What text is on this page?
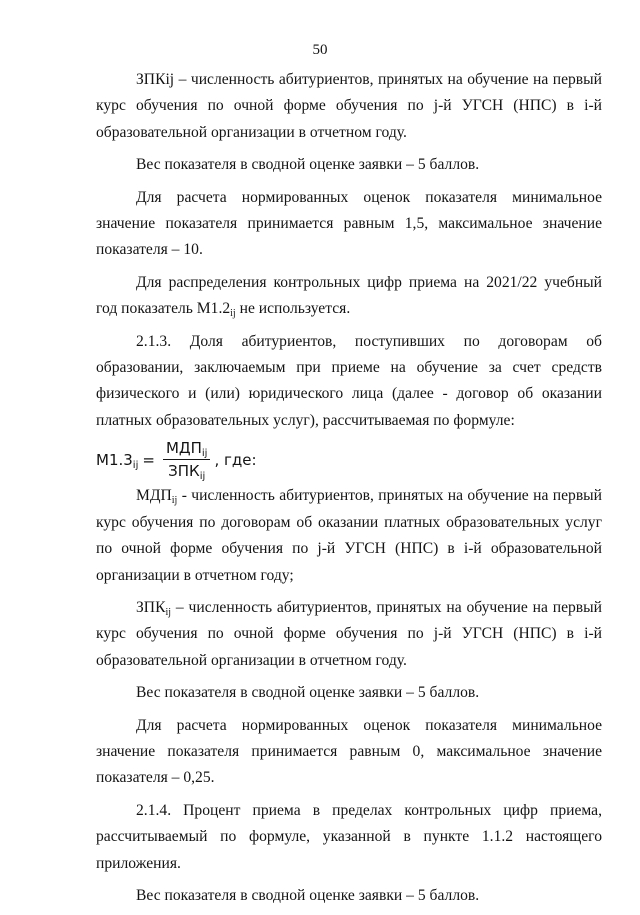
50

ЗПКij – численность абитуриентов, принятых на обучение на первый курс обучения по очной форме обучения по j-й УГСН (НПС) в i-й образовательной организации в отчетном году.

Вес показателя в сводной оценке заявки – 5 баллов.

Для расчета нормированных оценок показателя минимальное значение показателя принимается равным 1,5, максимальное значение показателя – 10.

Для распределения контрольных цифр приема на 2021/22 учебный год показатель $М1.2_{ij}$ не используется.

2.1.3. Доля абитуриентов, поступивших по договорам об образовании, заключаемым при приеме на обучение за счет средств физического и (или) юридического лица (далее - договор об оказании платных образовательных услуг), рассчитываемая по формуле:

$М1.3_{ij} = \frac{МДП_{ij}}{ЗПК_{ij}}$ , где:

$МДП_{ij}$ - численность абитуриентов, принятых на обучение на первый курс обучения по договорам об оказании платных образовательных услуг по очной форме обучения по j-й УГСН (НПС) в i-й образовательной организации в отчетном году;

$ЗПК_{ij}$ – численность абитуриентов, принятых на обучение на первый курс обучения по очной форме обучения по j-й УГСН (НПС) в i-й образовательной организации в отчетном году.

Вес показателя в сводной оценке заявки – 5 баллов.

Для расчета нормированных оценок показателя минимальное значение показателя принимается равным 0, максимальное значение показателя – 0,25.

2.1.4. Процент приема в пределах контрольных цифр приема, рассчитываемый по формуле, указанной в пункте 1.1.2 настоящего приложения.

Вес показателя в сводной оценке заявки – 5 баллов.
